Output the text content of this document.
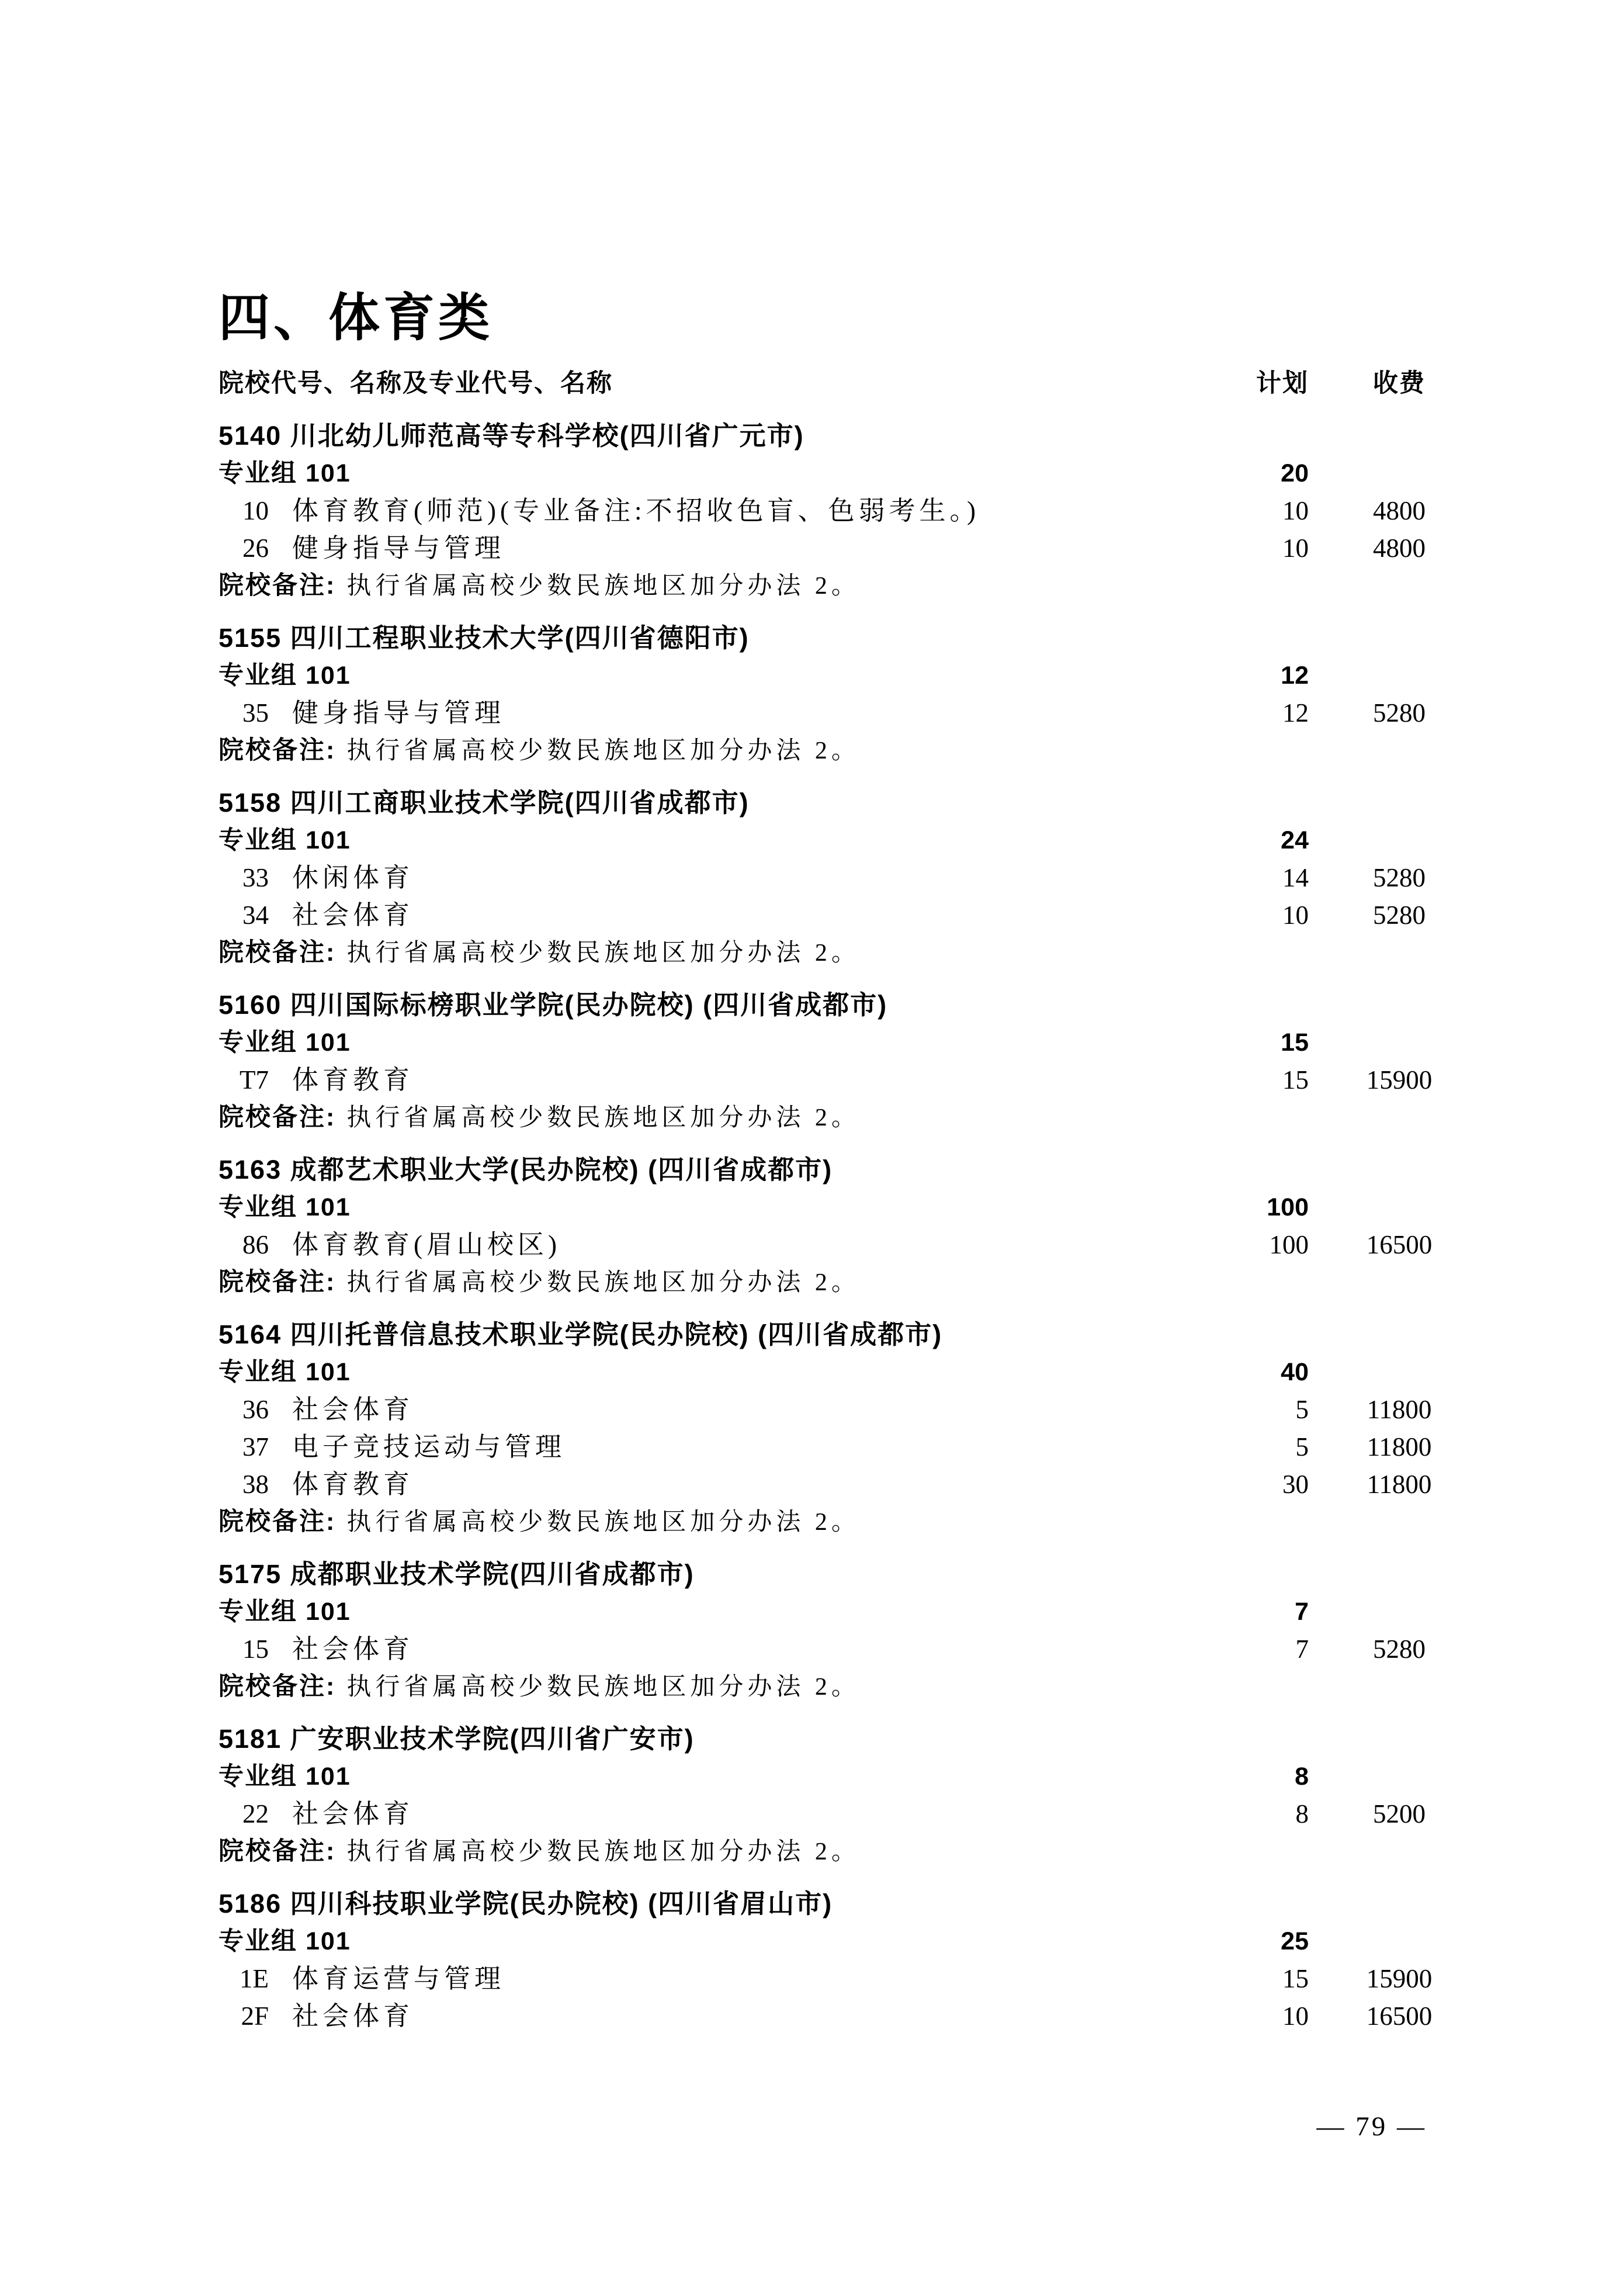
四、体育类
院校代号、名称及专业代号、名称	计划	收费
5140 川北幼儿师范高等专科学校(四川省广元市)
专业组 101	20
10 体育教育(师范)(专业备注:不招收色盲、色弱考生。)	10	4800
26 健身指导与管理	10	4800
院校备注: 执行省属高校少数民族地区加分办法 2。
5155 四川工程职业技术大学(四川省德阳市)
专业组 101	12
35 健身指导与管理	12	5280
院校备注: 执行省属高校少数民族地区加分办法 2。
5158 四川工商职业技术学院(四川省成都市)
专业组 101	24
33 休闲体育	14	5280
34 社会体育	10	5280
院校备注: 执行省属高校少数民族地区加分办法 2。
5160 四川国际标榜职业学院(民办院校) (四川省成都市)
专业组 101	15
T7 体育教育	15	15900
院校备注: 执行省属高校少数民族地区加分办法 2。
5163 成都艺术职业大学(民办院校) (四川省成都市)
专业组 101	100
86 体育教育(眉山校区)	100	16500
院校备注: 执行省属高校少数民族地区加分办法 2。
5164 四川托普信息技术职业学院(民办院校) (四川省成都市)
专业组 101	40
36 社会体育	5	11800
37 电子竞技运动与管理	5	11800
38 体育教育	30	11800
院校备注: 执行省属高校少数民族地区加分办法 2。
5175 成都职业技术学院(四川省成都市)
专业组 101	7
15 社会体育	7	5280
院校备注: 执行省属高校少数民族地区加分办法 2。
5181 广安职业技术学院(四川省广安市)
专业组 101	8
22 社会体育	8	5200
院校备注: 执行省属高校少数民族地区加分办法 2。
5186 四川科技职业学院(民办院校) (四川省眉山市)
专业组 101	25
1E 体育运营与管理	15	15900
2F 社会体育	10	16500
— 79 —
